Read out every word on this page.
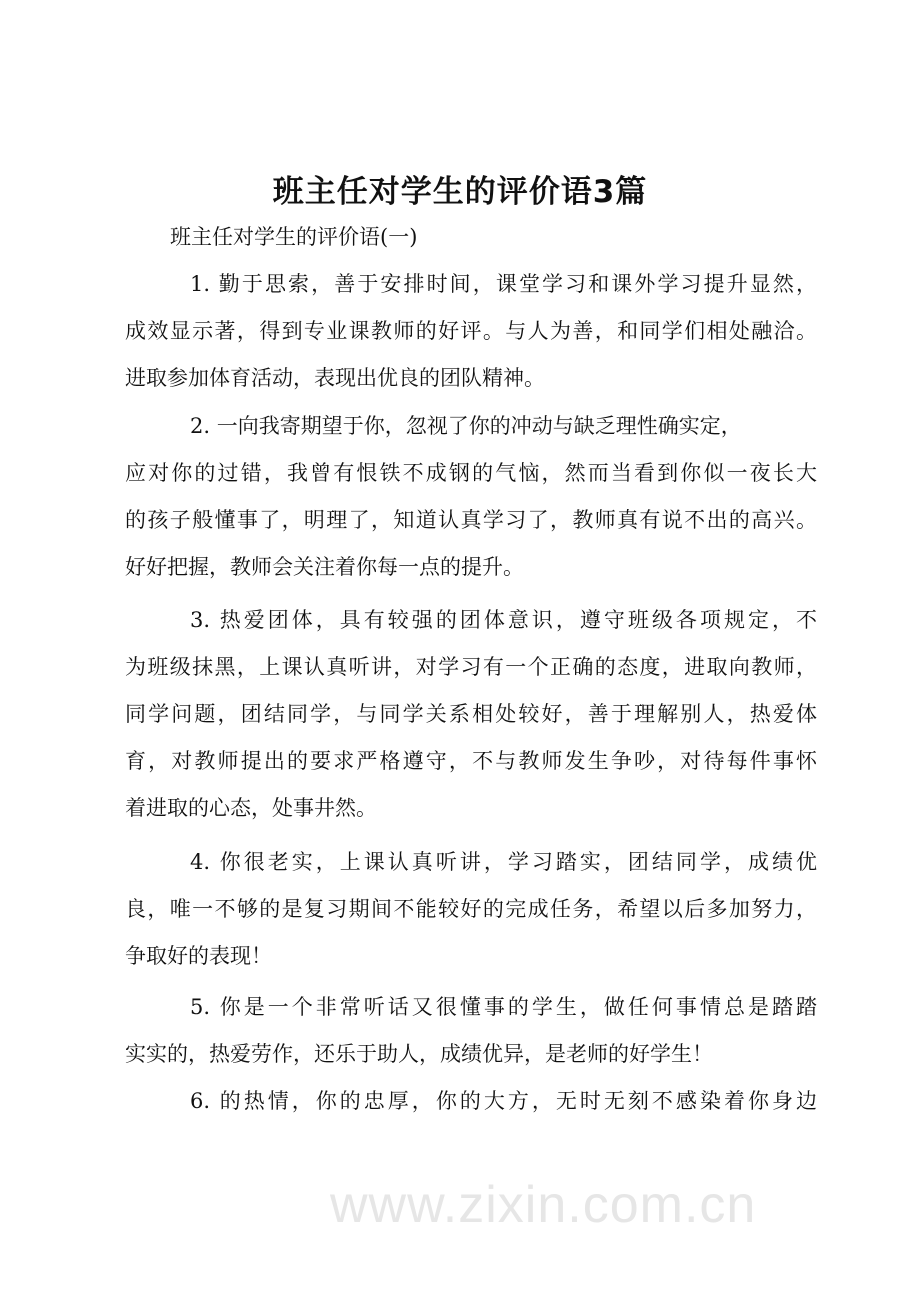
www.zixin.com.cn
班主任对学生的评价语3篇
班主任对学生的评价语(一)
1. 勤于思索，善于安排时间，课堂学习和课外学习提升显然，
成效显示著，得到专业课教师的好评。与人为善，和同学们相处融洽。
进取参加体育活动，表现出优良的团队精神。
2. 一向我寄期望于你，忽视了你的冲动与缺乏理性确实定，
应对你的过错，我曾有恨铁不成钢的气恼，然而当看到你似一夜长大
的孩子般懂事了，明理了，知道认真学习了，教师真有说不出的高兴。
好好把握，教师会关注着你每一点的提升。
3. 热爱团体，具有较强的团体意识，遵守班级各项规定，不
为班级抹黑，上课认真听讲，对学习有一个正确的态度，进取向教师，
同学问题，团结同学，与同学关系相处较好，善于理解别人，热爱体
育，对教师提出的要求严格遵守，不与教师发生争吵，对待每件事怀
着进取的心态，处事井然。
4. 你很老实，上课认真听讲，学习踏实，团结同学，成绩优
良，唯一不够的是复习期间不能较好的完成任务，希望以后多加努力，
争取好的表现！
5. 你是一个非常听话又很懂事的学生，做任何事情总是踏踏
实实的，热爱劳作，还乐于助人，成绩优异，是老师的好学生！
6. 的热情，你的忠厚，你的大方，无时无刻不感染着你身边
